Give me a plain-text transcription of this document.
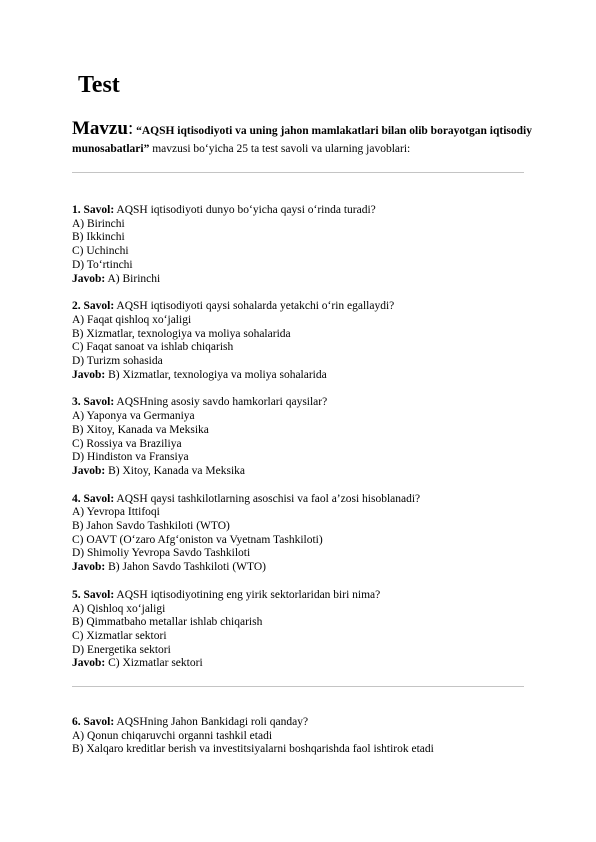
Test
Mavzu: “AQSH iqtisodiyoti va uning jahon mamlakatlari bilan olib borayotgan iqtisodiy munosabatlari” mavzusi bo‘yicha 25 ta test savoli va ularning javoblari:
1. Savol: AQSH iqtisodiyoti dunyo bo‘yicha qaysi o‘rinda turadi?
A) Birinchi
B) Ikkinchi
C) Uchinchi
D) To‘rtinchi
Javob: A) Birinchi
2. Savol: AQSH iqtisodiyoti qaysi sohalarda yetakchi o‘rin egallaydi?
A) Faqat qishloq xo‘jaligi
B) Xizmatlar, texnologiya va moliya sohalarida
C) Faqat sanoat va ishlab chiqarish
D) Turizm sohasida
Javob: B) Xizmatlar, texnologiya va moliya sohalarida
3. Savol: AQSHning asosiy savdo hamkorlari qaysilar?
A) Yaponya va Germaniya
B) Xitoy, Kanada va Meksika
C) Rossiya va Braziliya
D) Hindiston va Fransiya
Javob: B) Xitoy, Kanada va Meksika
4. Savol: AQSH qaysi tashkilotlarning asoschisi va faol a’zosi hisoblanadi?
A) Yevropa Ittifoqi
B) Jahon Savdo Tashkiloti (WTO)
C) OAVT (O‘zaro Afg‘oniston va Vyetnam Tashkiloti)
D) Shimoliy Yevropa Savdo Tashkiloti
Javob: B) Jahon Savdo Tashkiloti (WTO)
5. Savol: AQSH iqtisodiyotining eng yirik sektorlaridan biri nima?
A) Qishloq xo‘jaligi
B) Qimmatbaho metallar ishlab chiqarish
C) Xizmatlar sektori
D) Energetika sektori
Javob: C) Xizmatlar sektori
6. Savol: AQSHning Jahon Bankidagi roli qanday?
A) Qonun chiqaruvchi organni tashkil etadi
B) Xalqaro kreditlar berish va investitsiyalarni boshqarishda faol ishtirok etadi
